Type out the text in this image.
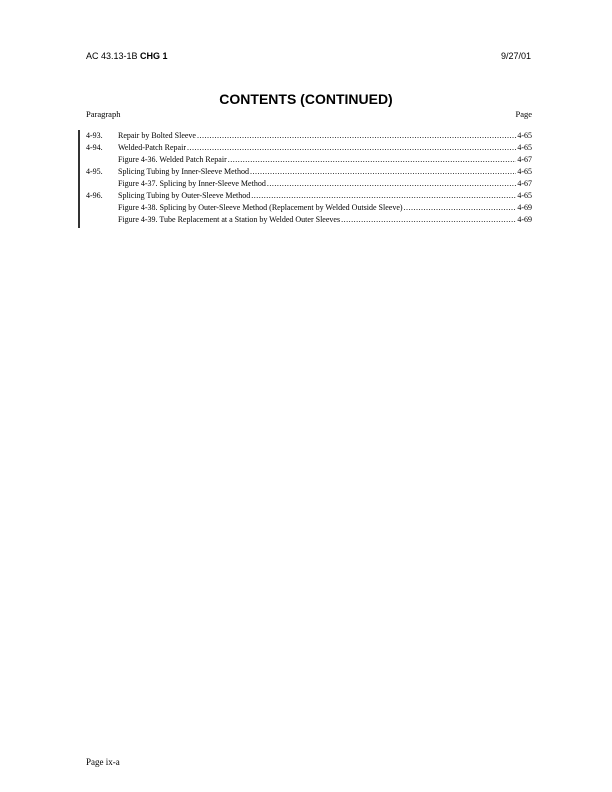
AC 43.13-1B CHG 1	9/27/01
CONTENTS (CONTINUED)
Paragraph	Page
4-93.	Repair by Bolted Sleeve .....	4-65
4-94.	Welded-Patch Repair .....	4-65
Figure 4-36. Welded Patch Repair .....	4-67
4-95.	Splicing Tubing by Inner-Sleeve Method .....	4-65
Figure 4-37. Splicing by Inner-Sleeve Method .....	4-67
4-96.	Splicing Tubing by Outer-Sleeve Method .....	4-65
Figure 4-38. Splicing by Outer-Sleeve Method (Replacement by Welded Outside Sleeve) .....	4-69
Figure 4-39. Tube Replacement at a Station by Welded Outer Sleeves .....	4-69
Page ix-a
